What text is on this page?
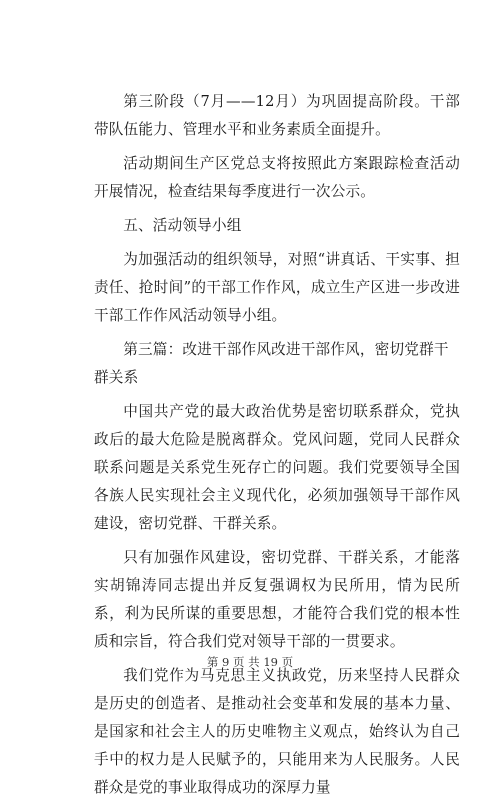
第三阶段（7月——12月）为巩固提高阶段。干部带队伍能力、管理水平和业务素质全面提升。

活动期间生产区党总支将按照此方案跟踪检查活动开展情况，检查结果每季度进行一次公示。

五、活动领导小组

为加强活动的组织领导，对照“讲真话、干实事、担责任、抢时间”的干部工作作风，成立生产区进一步改进干部工作作风活动领导小组。

第三篇：改进干部作风改进干部作风，密切党群干群关系

中国共产党的最大政治优势是密切联系群众，党执政后的最大危险是脱离群众。党风问题，党同人民群众联系问题是关系党生死存亡的问题。我们党要领导全国各族人民实现社会主义现代化，必须加强领导干部作风建设，密切党群、干群关系。

只有加强作风建设，密切党群、干群关系，才能落实胡锦涛同志提出并反复强调权为民所用，情为民所系，利为民所谋的重要思想，才能符合我们党的根本性质和宗旨，符合我们党对领导干部的一贯要求。

我们党作为马克思主义执政党，历来坚持人民群众是历史的创造者、是推动社会变革和发展的基本力量、是国家和社会主人的历史唯物主义观点，始终认为自己手中的权力是人民赋予的，只能用来为人民服务。人民群众是党的事业取得成功的深厚力量

第 9 页 共 19 页
